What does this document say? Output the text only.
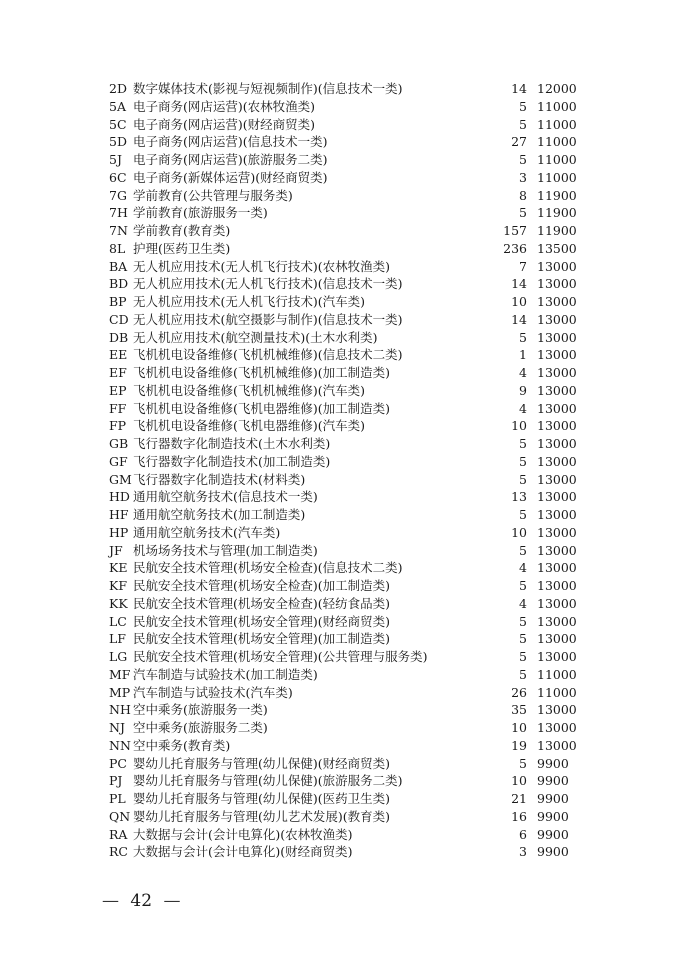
2D 数字媒体技术(影视与短视频制作)(信息技术一类)	14 12000
5A 电子商务(网店运营)(农林牧渔类)	5 11000
5C 电子商务(网店运营)(财经商贸类)	5 11000
5D 电子商务(网店运营)(信息技术一类)	27 11000
5J 电子商务(网店运营)(旅游服务二类)	5 11000
6C 电子商务(新媒体运营)(财经商贸类)	3 11000
7G 学前教育(公共管理与服务类)	8 11900
7H 学前教育(旅游服务一类)	5 11900
7N 学前教育(教育类)	157 11900
8L 护理(医药卫生类)	236 13500
BA 无人机应用技术(无人机飞行技术)(农林牧渔类)	7 13000
BD 无人机应用技术(无人机飞行技术)(信息技术一类)	14 13000
BP 无人机应用技术(无人机飞行技术)(汽车类)	10 13000
CD 无人机应用技术(航空摄影与制作)(信息技术一类)	14 13000
DB 无人机应用技术(航空测量技术)(土木水利类)	5 13000
EE 飞机机电设备维修(飞机机械维修)(信息技术二类)	1 13000
EF 飞机机电设备维修(飞机机械维修)(加工制造类)	4 13000
EP 飞机机电设备维修(飞机机械维修)(汽车类)	9 13000
FF 飞机机电设备维修(飞机电器维修)(加工制造类)	4 13000
FP 飞机机电设备维修(飞机电器维修)(汽车类)	10 13000
GB 飞行器数字化制造技术(土木水利类)	5 13000
GF 飞行器数字化制造技术(加工制造类)	5 13000
GM 飞行器数字化制造技术(材料类)	5 13000
HD 通用航空航务技术(信息技术一类)	13 13000
HF 通用航空航务技术(加工制造类)	5 13000
HP 通用航空航务技术(汽车类)	10 13000
JF 机场场务技术与管理(加工制造类)	5 13000
KE 民航安全技术管理(机场安全检查)(信息技术二类)	4 13000
KF 民航安全技术管理(机场安全检查)(加工制造类)	5 13000
KK 民航安全技术管理(机场安全检查)(轻纺食品类)	4 13000
LC 民航安全技术管理(机场安全管理)(财经商贸类)	5 13000
LF 民航安全技术管理(机场安全管理)(加工制造类)	5 13000
LG 民航安全技术管理(机场安全管理)(公共管理与服务类)	5 13000
MF 汽车制造与试验技术(加工制造类)	5 11000
MP 汽车制造与试验技术(汽车类)	26 11000
NH 空中乘务(旅游服务一类)	35 13000
NJ 空中乘务(旅游服务二类)	10 13000
NN 空中乘务(教育类)	19 13000
PC 婴幼儿托育服务与管理(幼儿保健)(财经商贸类)	5 9900
PJ 婴幼儿托育服务与管理(幼儿保健)(旅游服务二类)	10 9900
PL 婴幼儿托育服务与管理(幼儿保健)(医药卫生类)	21 9900
QN 婴幼儿托育服务与管理(幼儿艺术发展)(教育类)	16 9900
RA 大数据与会计(会计电算化)(农林牧渔类)	6 9900
RC 大数据与会计(会计电算化)(财经商贸类)	3 9900
— 42 —
